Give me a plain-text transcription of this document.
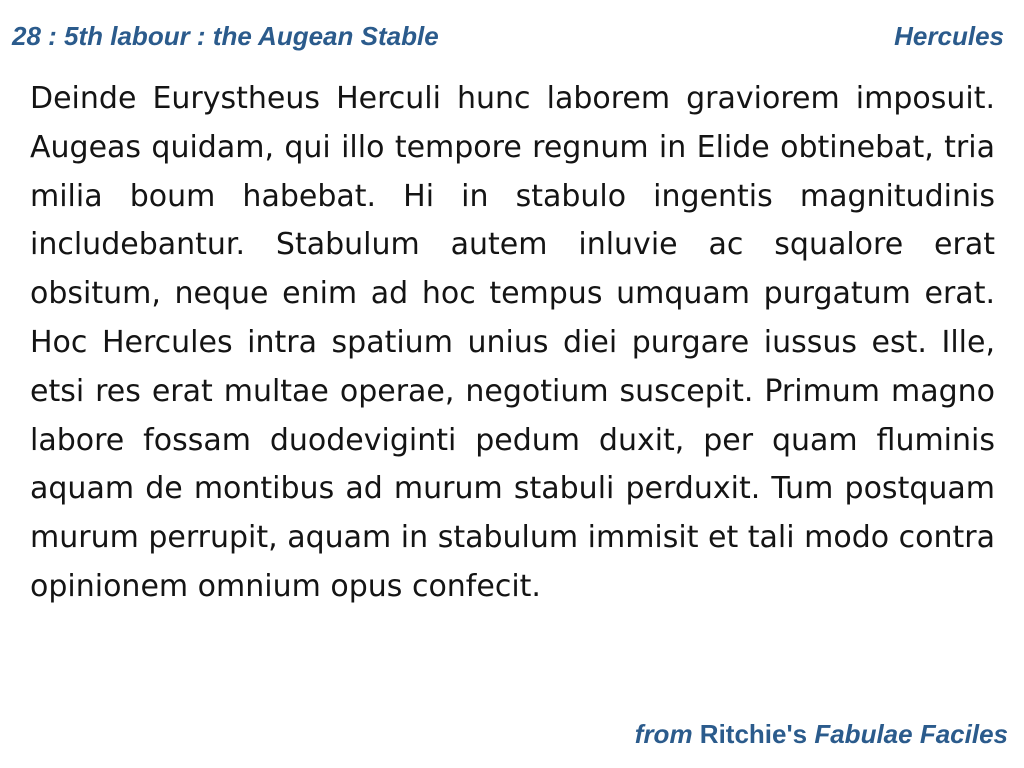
28 : 5th labour : the Augean Stable	Hercules

Deinde Eurystheus Herculi hunc laborem graviorem imposuit. Augeas quidam, qui illo tempore regnum in Elide obtinebat, tria milia boum habebat. Hi in stabulo ingentis magnitudinis includebantur. Stabulum autem inluvie ac squalore erat obsitum, neque enim ad hoc tempus umquam purgatum erat. Hoc Hercules intra spatium unius diei purgare iussus est. Ille, etsi res erat multae operae, negotium suscepit. Primum magno labore fossam duodeviginti pedum duxit, per quam fluminis aquam de montibus ad murum stabuli perduxit. Tum postquam murum perrupit, aquam in stabulum immisit et tali modo contra opinionem omnium opus confecit.

from Ritchie's Fabulae Faciles
